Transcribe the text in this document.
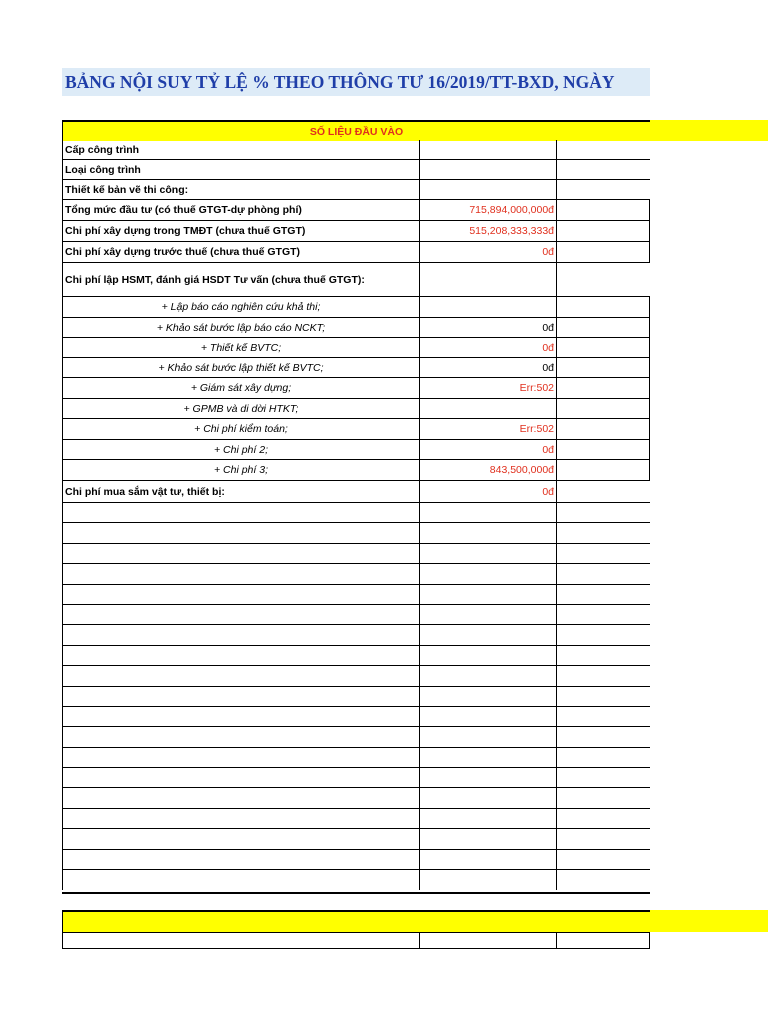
BẢNG NỘI SUY TỶ LỆ % THEO THÔNG TƯ 16/2019/TT-BXD, NGÀY
SỐ LIỆU ĐẦU VÀO
Cấp công trình
Loại công trình
Thiết kế bản vẽ thi công:
Tổng mức đầu tư (có thuế GTGT-dự phòng phí)	715,894,000,000đ
Chi phí xây dựng trong TMĐT (chưa thuế GTGT)	515,208,333,333đ
Chi phí xây dựng trước thuế (chưa thuế GTGT)	0đ
Chi phí lập HSMT, đánh giá HSDT Tư vấn (chưa thuế GTGT):
+ Lập báo cáo nghiên cứu khả thi;
+ Khảo sát bước lập báo cáo NCKT;	0đ
+ Thiết kế BVTC;	0đ
+ Khảo sát bước lập thiết kế BVTC;	0đ
+ Giám sát xây dựng;	Err:502
+ GPMB và di dời HTKT;
+ Chi phí kiểm toán;	Err:502
+ Chi phí 2;	0đ
+ Chi phí 3;	843,500,000đ
Chi phí mua sắm vật tư, thiết bị:	0đ
